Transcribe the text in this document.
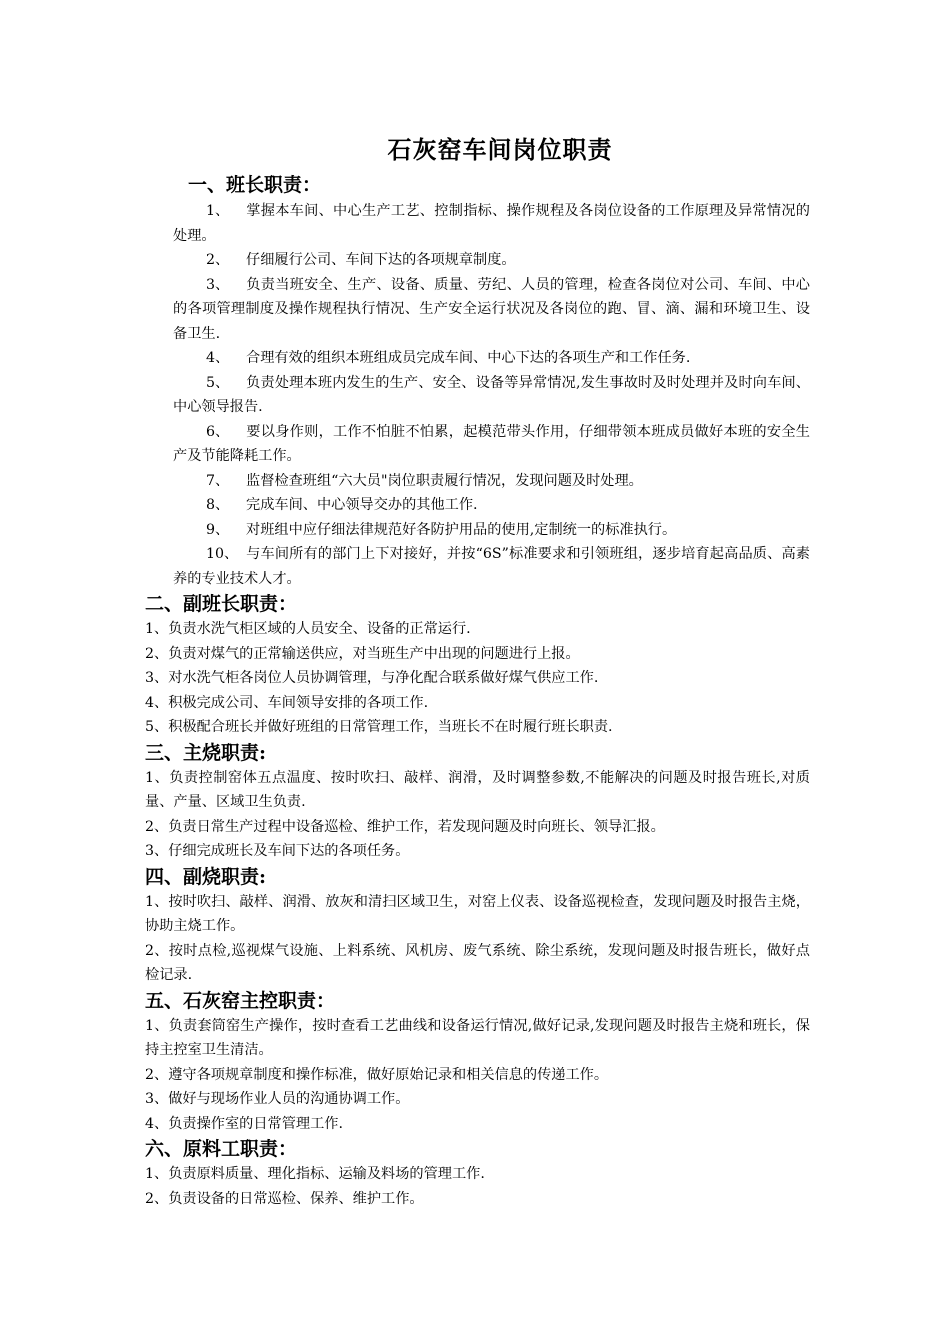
石灰窑车间岗位职责

一、班长职责：

1、 掌握本车间、中心生产工艺、控制指标、操作规程及各岗位设备的工作原理及异常情况的处理。

2、 仔细履行公司、车间下达的各项规章制度。

3、 负责当班安全、生产、设备、质量、劳纪、人员的管理，检查各岗位对公司、车间、中心的各项管理制度及操作规程执行情况、生产安全运行状况及各岗位的跑、冒、滴、漏和环境卫生、设备卫生.

4、 合理有效的组织本班组成员完成车间、中心下达的各项生产和工作任务.

5、 负责处理本班内发生的生产、安全、设备等异常情况,发生事故时及时处理并及时向车间、中心领导报告.

6、 要以身作则，工作不怕脏不怕累，起模范带头作用，仔细带领本班成员做好本班的安全生产及节能降耗工作。

7、 监督检查班组“六大员"岗位职责履行情况，发现问题及时处理。

8、 完成车间、中心领导交办的其他工作.

9、 对班组中应仔细法律规范好各防护用品的使用,定制统一的标准执行。

10、 与车间所有的部门上下对接好，并按“6S”标准要求和引领班组，逐步培育起高品质、高素养的专业技术人才。

二、副班长职责：

1、负责水洗气柜区域的人员安全、设备的正常运行.

2、负责对煤气的正常输送供应，对当班生产中出现的问题进行上报。

3、对水洗气柜各岗位人员协调管理，与净化配合联系做好煤气供应工作.

4、积极完成公司、车间领导安排的各项工作.

5、积极配合班长并做好班组的日常管理工作，当班长不在时履行班长职责.

三、主烧职责:

1、负责控制窑体五点温度、按时吹扫、敲样、润滑，及时调整参数,不能解决的问题及时报告班长,对质量、产量、区域卫生负责.

2、负责日常生产过程中设备巡检、维护工作，若发现问题及时向班长、领导汇报。

3、仔细完成班长及车间下达的各项任务。

四、副烧职责:

1、按时吹扫、敲样、润滑、放灰和清扫区域卫生，对窑上仪表、设备巡视检查，发现问题及时报告主烧，协助主烧工作。

2、按时点检,巡视煤气设施、上料系统、风机房、废气系统、除尘系统，发现问题及时报告班长，做好点检记录.

五、石灰窑主控职责：

1、负责套筒窑生产操作，按时查看工艺曲线和设备运行情况,做好记录,发现问题及时报告主烧和班长，保持主控室卫生清洁。

2、遵守各项规章制度和操作标准，做好原始记录和相关信息的传递工作。

3、做好与现场作业人员的沟通协调工作。

4、负责操作室的日常管理工作.

六、原料工职责：

1、负责原料质量、理化指标、运输及料场的管理工作.

2、负责设备的日常巡检、保养、维护工作。
